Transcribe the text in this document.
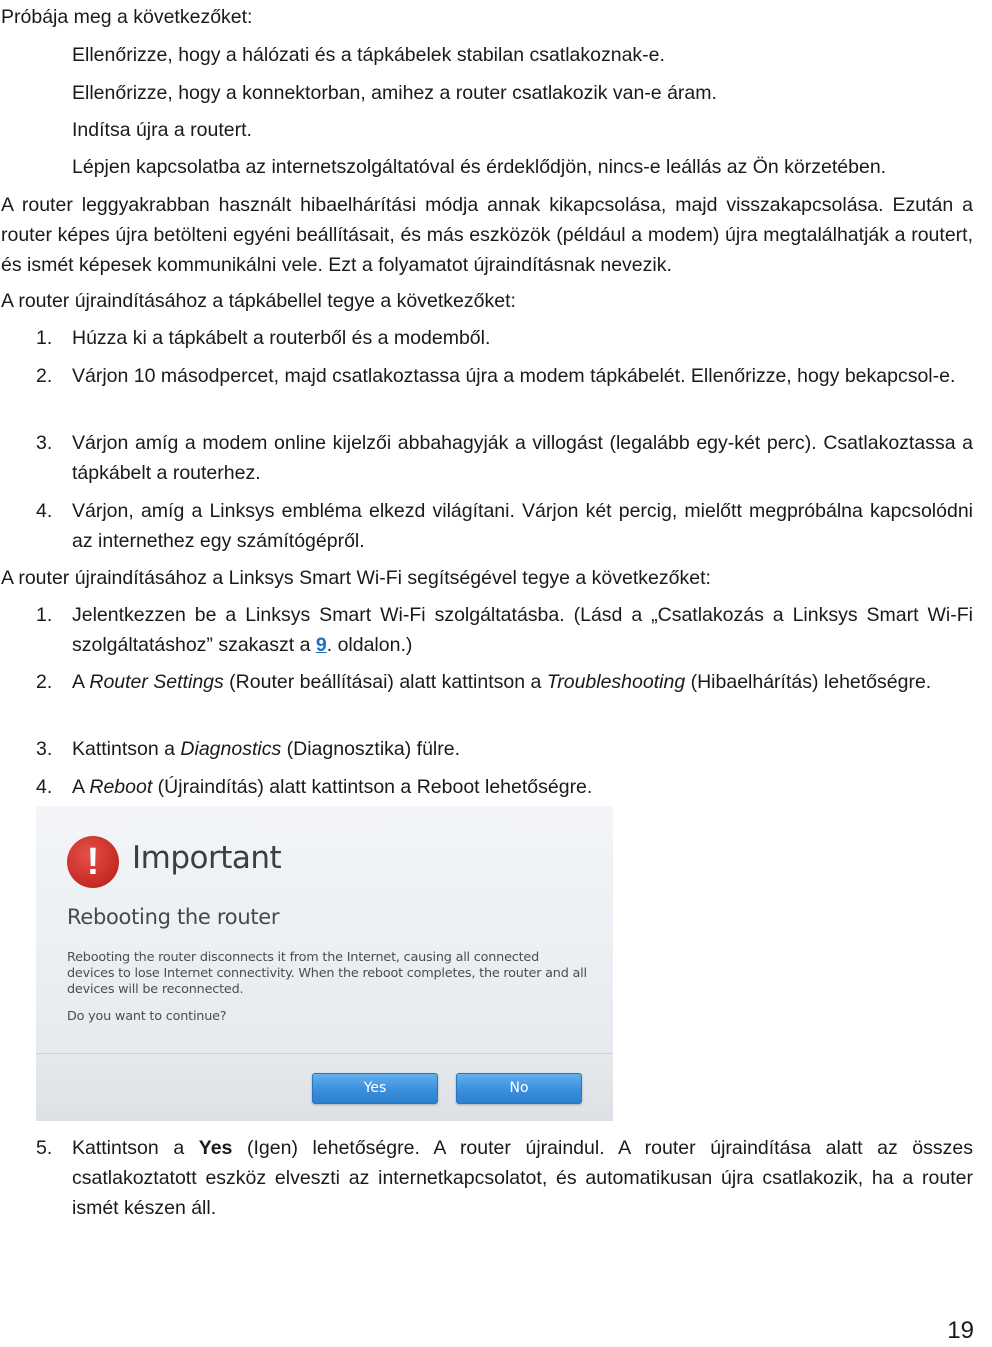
Próbája meg a következőket:
Ellenőrizze, hogy a hálózati és a tápkábelek stabilan csatlakoznak-e.
Ellenőrizze, hogy a konnektorban, amihez a router csatlakozik van-e áram.
Indítsa újra a routert.
Lépjen kapcsolatba az internetszolgáltatóval és érdeklődjön, nincs-e leállás az Ön körzetében.
A router leggyakrabban használt hibaelhárítási módja annak kikapcsolása, majd visszakapcsolása. Ezután a router képes újra betölteni egyéni beállításait, és más eszközök (például a modem) újra megtalálhatják a routert, és ismét képesek kommunikálni vele. Ezt a folyamatot újraindításnak nevezik.
A router újraindításához a tápkábellel tegye a következőket:
1. Húzza ki a tápkábelt a routerből és a modemből.
2. Várjon 10 másodpercet, majd csatlakoztassa újra a modem tápkábelét. Ellenőrizze, hogy bekapcsol-e.
3. Várjon amíg a modem online kijelzői abbahagyják a villogást (legalább egy-két perc). Csatlakoztassa a tápkábelt a routerhez.
4. Várjon, amíg a Linksys embléma elkezd világítani. Várjon két percig, mielőtt megpróbálna kapcsolódni az internethez egy számítógépről.
A router újraindításához a Linksys Smart Wi-Fi segítségével tegye a következőket:
1. Jelentkezzen be a Linksys Smart Wi-Fi szolgáltatásba. (Lásd a „Csatlakozás a Linksys Smart Wi-Fi szolgáltatáshoz” szakaszt a 9. oldalon.)
2. A Router Settings (Router beállításai) alatt kattintson a Troubleshooting (Hibaelhárítás) lehetőségre.
3. Kattintson a Diagnostics (Diagnosztika) fülre.
4. A Reboot (Újraindítás) alatt kattintson a Reboot lehetőségre.
!	Important
Rebooting the router
Rebooting the router disconnects it from the Internet, causing all connected devices to lose Internet connectivity. When the reboot completes, the router and all devices will be reconnected.
Do you want to continue?
Yes	No
5. Kattintson a Yes (Igen) lehetőségre. A router újraindul. A router újraindítása alatt az összes csatlakoztatott eszköz elveszti az internetkapcsolatot, és automatikusan újra csatlakozik, ha a router ismét készen áll.
19
